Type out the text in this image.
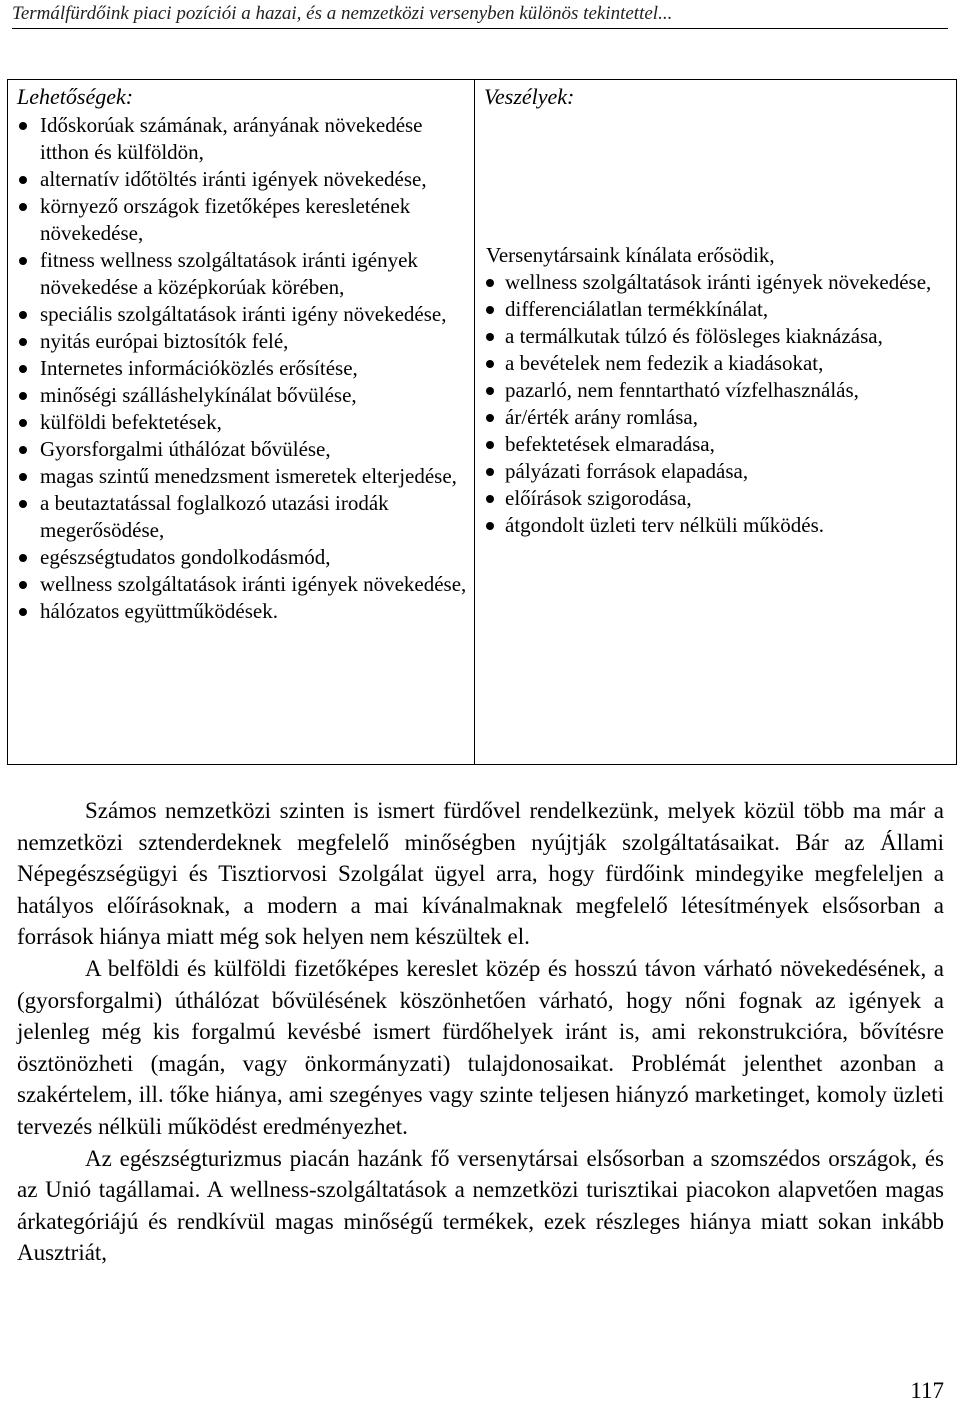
Termálfürdőink piaci pozíciói a hazai, és a nemzetközi versenyben különös tekintettel...
Lehetőségek:
Időskorúak számának, arányának növekedése itthon és külföldön,
alternatív időtöltés iránti igények növekedése,
környező országok fizetőképes keresletének növekedése,
fitness wellness szolgáltatások iránti igények növekedése a középkorúak körében,
speciális szolgáltatások iránti igény növekedése,
nyitás európai biztosítók felé,
Internetes információközlés erősítése,
minőségi szálláshelykínálat bővülése,
külföldi befektetések,
Gyorsforgalmi úthálózat bővülése,
magas szintű menedzsment ismeretek elterjedése,
a beutaztatással foglalkozó utazási irodák megerősödése,
egészségtudatos gondolkodásmód,
wellness szolgáltatások iránti igények növekedése,
hálózatos együttműködések.

Veszélyek:
Versenytársaink kínálata erősödik,
wellness szolgáltatások iránti igények növekedése,
differenciálatlan termékkínálat,
a termálkutak túlzó és fölösleges kiaknázása,
a bevételek nem fedezik a kiadásokat,
pazarló, nem fenntartható vízfelhasználás,
ár/érték arány romlása,
befektetések elmaradása,
pályázati források elapadása,
előírások szigorodása,
átgondolt üzleti terv nélküli működés.

Számos nemzetközi szinten is ismert fürdővel rendelkezünk, melyek közül több ma már a nemzetközi sztenderdeknek megfelelő minőségben nyújtják szolgáltatásaikat. Bár az Állami Népegészségügyi és Tisztiorvosi Szolgálat ügyel arra, hogy fürdőink mindegyike megfeleljen a hatályos előírásoknak, a modern a mai kívánalmaknak megfelelő létesítmények elsősorban a források hiánya miatt még sok helyen nem készültek el.

A belföldi és külföldi fizetőképes kereslet közép és hosszú távon várható növekedésének, a (gyorsforgalmi) úthálózat bővülésének köszönhetően várható, hogy nőni fognak az igények a jelenleg még kis forgalmú kevésbé ismert fürdőhelyek iránt is, ami rekonstrukcióra, bővítésre ösztönözheti (magán, vagy önkormányzati) tulajdonosaikat. Problémát jelenthet azonban a szakértelem, ill. tőke hiánya, ami szegényes vagy szinte teljesen hiányzó marketinget, komoly üzleti tervezés nélküli működést eredményezhet.

Az egészségturizmus piacán hazánk fő versenytársai elsősorban a szomszédos országok, és az Unió tagállamai. A wellness-szolgáltatások a nemzetközi turisztikai piacokon alapvetően magas árkategóriájú és rendkívül magas minőségű termékek, ezek részleges hiánya miatt sokan inkább Ausztriát,

117
